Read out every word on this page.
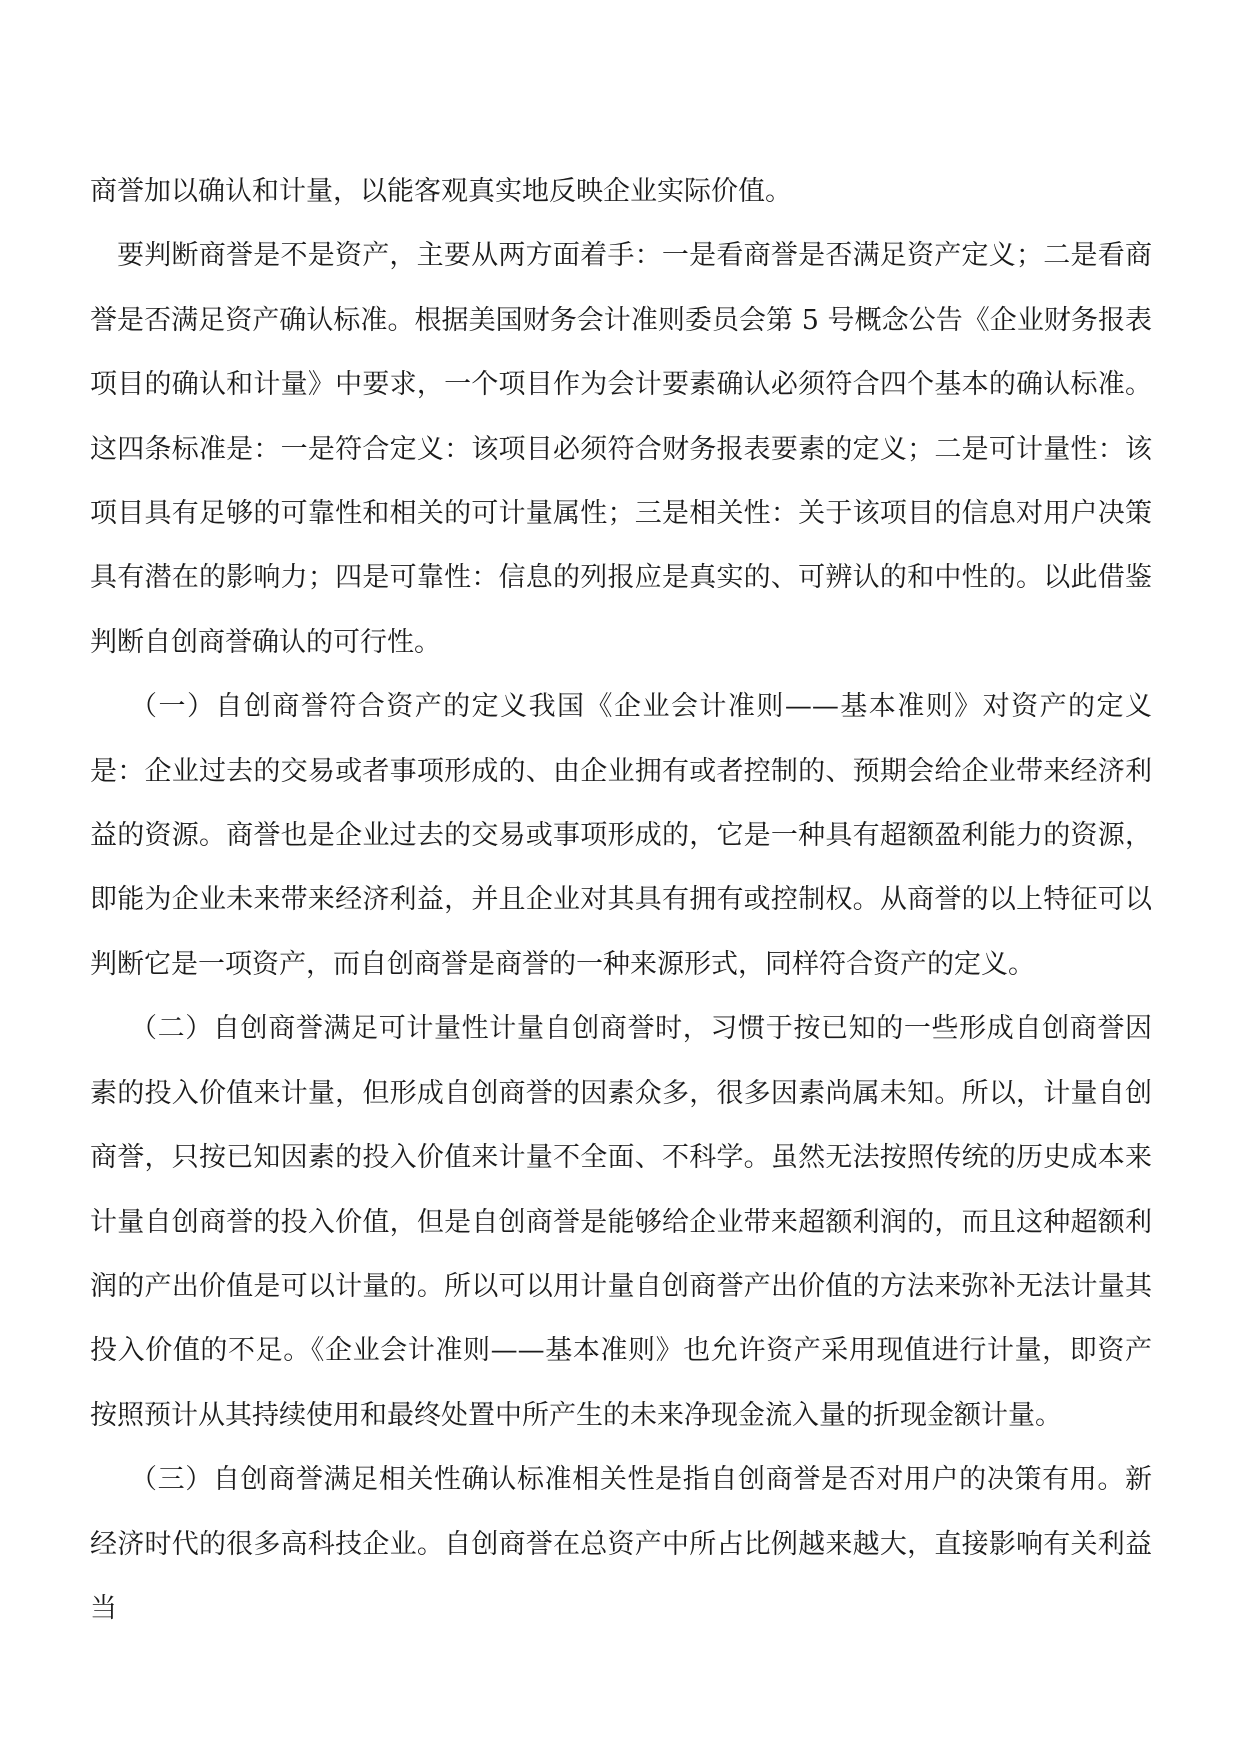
商誉加以确认和计量，以能客观真实地反映企业实际价值。

要判断商誉是不是资产，主要从两方面着手：一是看商誉是否满足资产定义；二是看商誉是否满足资产确认标准。根据美国财务会计准则委员会第 5 号概念公告《企业财务报表项目的确认和计量》中要求，一个项目作为会计要素确认必须符合四个基本的确认标准。这四条标准是：一是符合定义：该项目必须符合财务报表要素的定义；二是可计量性：该项目具有足够的可靠性和相关的可计量属性；三是相关性：关于该项目的信息对用户决策具有潜在的影响力；四是可靠性：信息的列报应是真实的、可辨认的和中性的。以此借鉴判断自创商誉确认的可行性。

（一）自创商誉符合资产的定义我国《企业会计准则——基本准则》对资产的定义是：企业过去的交易或者事项形成的、由企业拥有或者控制的、预期会给企业带来经济利益的资源。商誉也是企业过去的交易或事项形成的，它是一种具有超额盈利能力的资源，即能为企业未来带来经济利益，并且企业对其具有拥有或控制权。从商誉的以上特征可以判断它是一项资产，而自创商誉是商誉的一种来源形式，同样符合资产的定义。

（二）自创商誉满足可计量性计量自创商誉时，习惯于按已知的一些形成自创商誉因素的投入价值来计量，但形成自创商誉的因素众多，很多因素尚属未知。所以，计量自创商誉，只按已知因素的投入价值来计量不全面、不科学。虽然无法按照传统的历史成本来计量自创商誉的投入价值，但是自创商誉是能够给企业带来超额利润的，而且这种超额利润的产出价值是可以计量的。所以可以用计量自创商誉产出价值的方法来弥补无法计量其投入价值的不足。《企业会计准则——基本准则》也允许资产采用现值进行计量，即资产按照预计从其持续使用和最终处置中所产生的未来净现金流入量的折现金额计量。

（三）自创商誉满足相关性确认标准相关性是指自创商誉是否对用户的决策有用。新经济时代的很多高科技企业。自创商誉在总资产中所占比例越来越大，直接影响有关利益当
